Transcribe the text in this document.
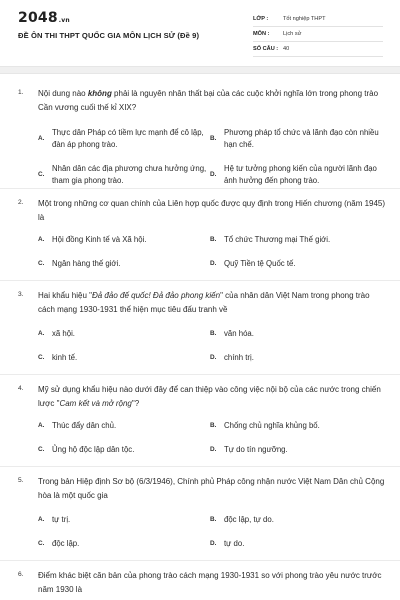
2048.vn
ĐỀ ÔN THI THPT QUỐC GIA MÔN LỊCH SỬ (Đề 9)
LỚP :	Tốt nghiệp THPT
MÔN :	Lịch sử
SỐ CÂU : 40
1. Nội dung nào không phải là nguyên nhân thất bại của các cuộc khởi nghĩa lớn trong phong trào Cần vương cuối thế kỉ XIX?
A.
Thực dân Pháp có tiềm lực mạnh để cô lập, đàn áp phong trào.
B.
Phương pháp tổ chức và lãnh đạo còn nhiều hạn chế.
C.
Nhân dân các địa phương chưa hưởng ứng, tham gia phong trào.
D.
Hệ tư tưởng phong kiến của người lãnh đạo ảnh hưởng đến phong trào.
2. Một trong những cơ quan chính của Liên hợp quốc được quy định trong Hiến chương (năm 1945) là
A. Hội đồng Kinh tế và Xã hội.	B. Tổ chức Thương mại Thế giới.
C. Ngân hàng thế giới.	D. Quỹ Tiền tệ Quốc tế.
3. Hai khẩu hiệu "Đả đảo đế quốc! Đả đảo phong kiến" của nhân dân Việt Nam trong phong trào cách mạng 1930-1931 thể hiện mục tiêu đấu tranh về
A. xã hội.	B. văn hóa.
C. kinh tế.	D. chính trị.
4. Mỹ sử dụng khẩu hiệu nào dưới đây để can thiệp vào công việc nội bộ của các nước trong chiến lược "Cam kết và mở rộng"?
A. Thúc đẩy dân chủ.	B. Chống chủ nghĩa khủng bố.
C. Ủng hộ độc lập dân tộc.	D. Tự do tín ngưỡng.
5. Trong bản Hiệp định Sơ bộ (6/3/1946), Chính phủ Pháp công nhận nước Việt Nam Dân chủ Cộng hòa là một quốc gia
A. tự trị.	B. độc lập, tự do.
C. độc lập.	D. tự do.
6. Điểm khác biệt căn bản của phong trào cách mạng 1930-1931 so với phong trào yêu nước trước năm 1930 là
